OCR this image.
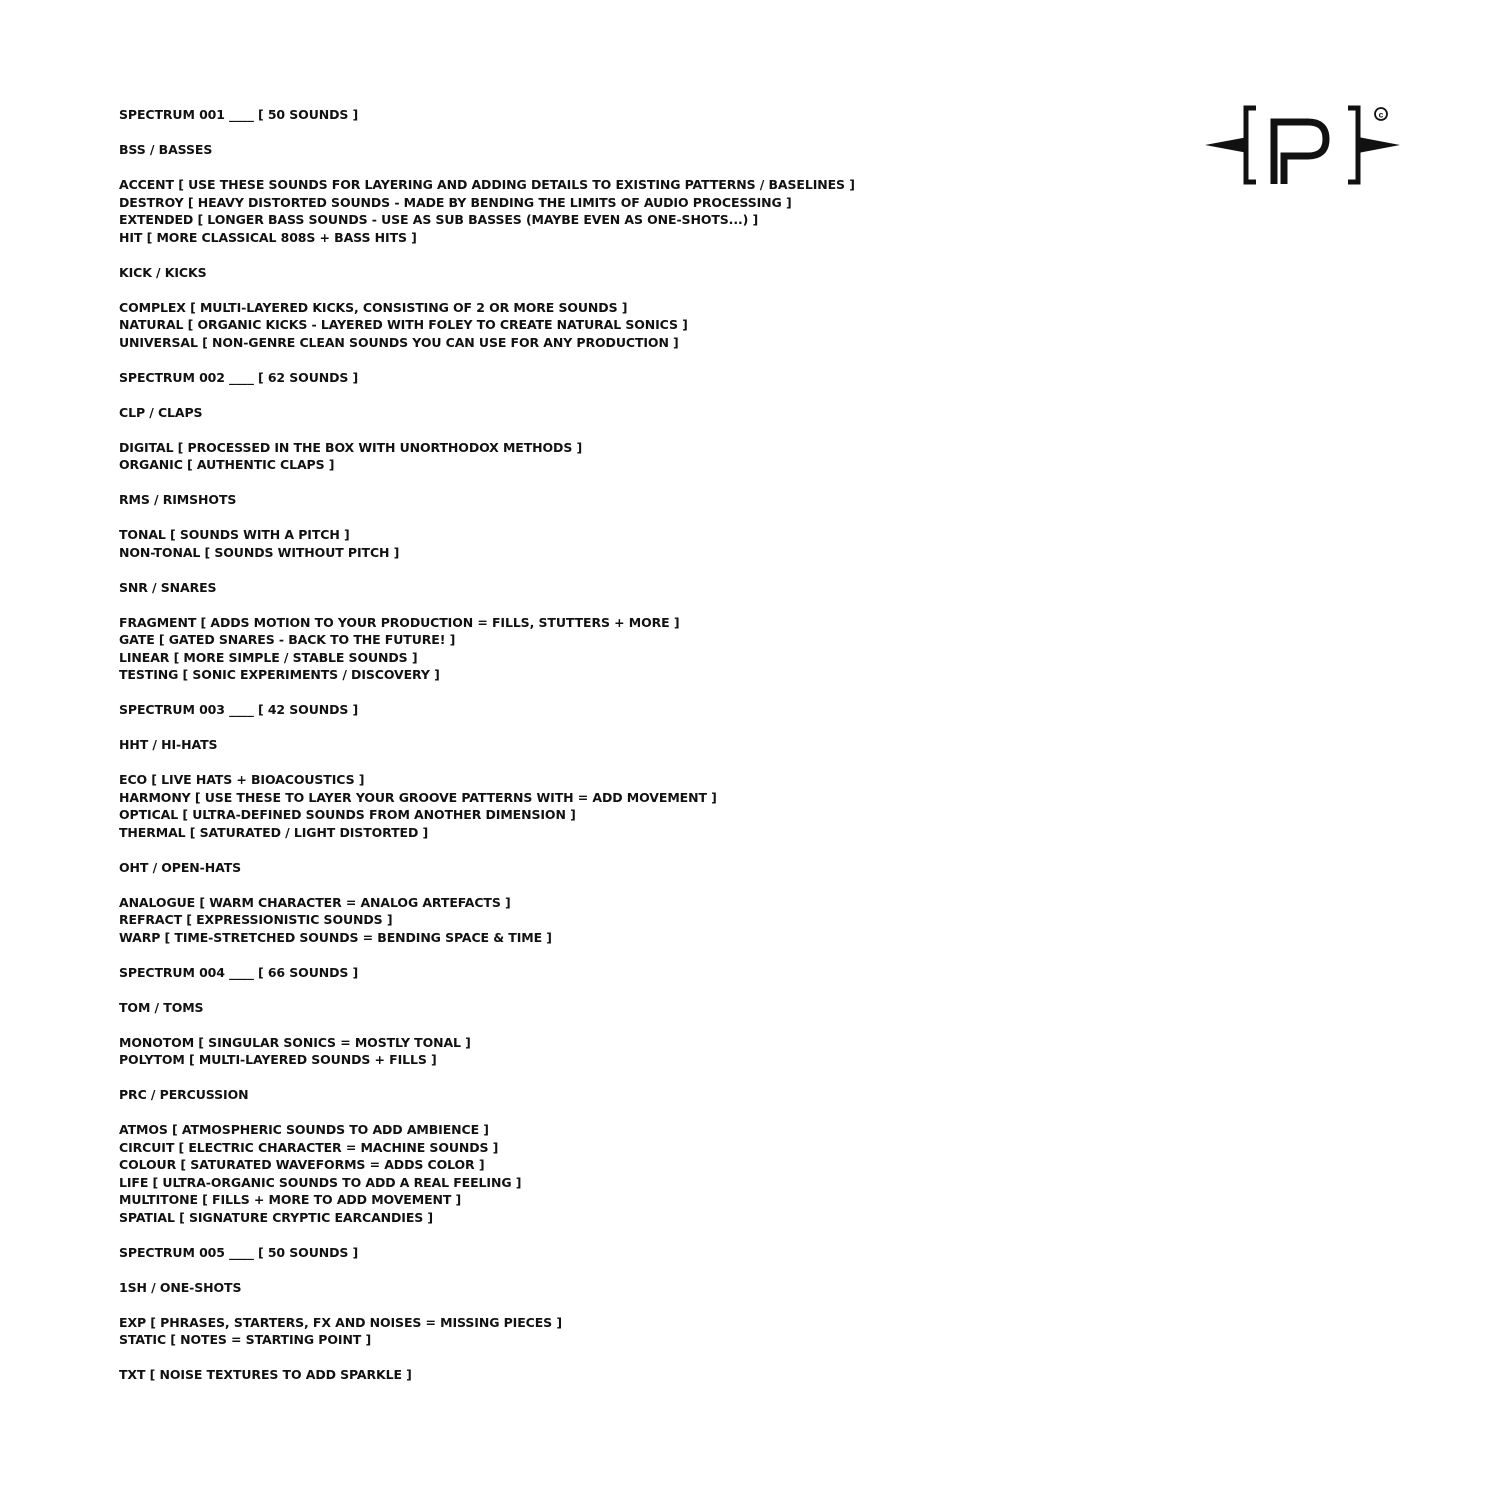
SPECTRUM 001 ____ [ 50 SOUNDS ]
BSS / BASSES
ACCENT [ USE THESE SOUNDS FOR LAYERING AND ADDING DETAILS TO EXISTING PATTERNS / BASELINES ]
DESTROY [ HEAVY DISTORTED SOUNDS - MADE BY BENDING THE LIMITS OF AUDIO PROCESSING ]
EXTENDED [ LONGER BASS SOUNDS - USE AS SUB BASSES (MAYBE EVEN AS ONE-SHOTS...) ]
HIT [ MORE CLASSICAL 808S + BASS HITS ]
KICK / KICKS
COMPLEX [ MULTI-LAYERED KICKS, CONSISTING OF 2 OR MORE SOUNDS ]
NATURAL [ ORGANIC KICKS - LAYERED WITH FOLEY TO CREATE NATURAL SONICS ]
UNIVERSAL [ NON-GENRE CLEAN SOUNDS YOU CAN USE FOR ANY PRODUCTION ]
SPECTRUM 002 ____ [ 62 SOUNDS ]
CLP / CLAPS
DIGITAL [ PROCESSED IN THE BOX WITH UNORTHODOX METHODS ]
ORGANIC [ AUTHENTIC CLAPS ]
RMS / RIMSHOTS
TONAL [ SOUNDS WITH A PITCH ]
NON-TONAL [ SOUNDS WITHOUT PITCH ]
SNR / SNARES
FRAGMENT [ ADDS MOTION TO YOUR PRODUCTION = FILLS, STUTTERS + MORE ]
GATE [ GATED SNARES - BACK TO THE FUTURE! ]
LINEAR [ MORE SIMPLE / STABLE SOUNDS ]
TESTING [ SONIC EXPERIMENTS / DISCOVERY ]
SPECTRUM 003 ____ [ 42 SOUNDS ]
HHT / HI-HATS
ECO [ LIVE HATS + BIOACOUSTICS ]
HARMONY [ USE THESE TO LAYER YOUR GROOVE PATTERNS WITH = ADD MOVEMENT ]
OPTICAL [ ULTRA-DEFINED SOUNDS FROM ANOTHER DIMENSION ]
THERMAL [ SATURATED / LIGHT DISTORTED ]
OHT / OPEN-HATS
ANALOGUE [ WARM CHARACTER = ANALOG ARTEFACTS ]
REFRACT [ EXPRESSIONISTIC SOUNDS ]
WARP [ TIME-STRETCHED SOUNDS = BENDING SPACE & TIME ]
SPECTRUM 004 ____ [ 66 SOUNDS ]
TOM / TOMS
MONOTOM [ SINGULAR SONICS = MOSTLY TONAL ]
POLYTOM [ MULTI-LAYERED SOUNDS + FILLS ]
PRC / PERCUSSION
ATMOS [ ATMOSPHERIC SOUNDS TO ADD AMBIENCE ]
CIRCUIT [ ELECTRIC CHARACTER = MACHINE SOUNDS ]
COLOUR [ SATURATED WAVEFORMS = ADDS COLOR ]
LIFE [ ULTRA-ORGANIC SOUNDS TO ADD A REAL FEELING ]
MULTITONE [ FILLS + MORE TO ADD MOVEMENT ]
SPATIAL [ SIGNATURE CRYPTIC EARCANDIES ]
SPECTRUM 005 ____ [ 50 SOUNDS ]
1SH / ONE-SHOTS
EXP [ PHRASES, STARTERS, FX AND NOISES = MISSING PIECES ]
STATIC [ NOTES = STARTING POINT ]
TXT [ NOISE TEXTURES TO ADD SPARKLE ]
c
